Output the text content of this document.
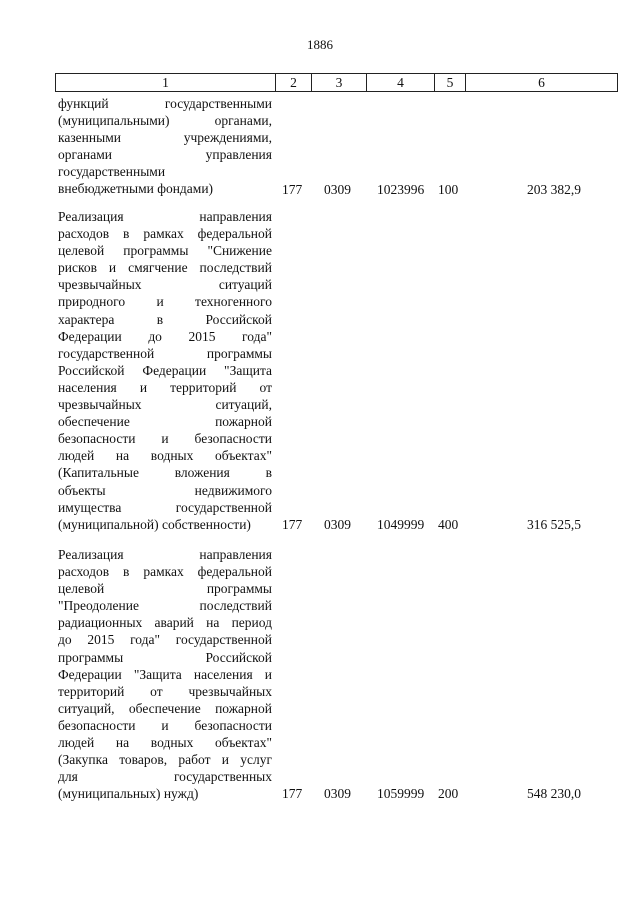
1886
1	2	3	4	5	6
функций государственными
(муниципальными) органами,
казенными учреждениями,
органами управления
государственными
внебюджетными фондами)	177 0309 1023996 100	203 382,9
Реализация направления
расходов в рамках федеральной
целевой программы "Снижение
рисков и смягчение последствий
чрезвычайных ситуаций
природного и техногенного
характера в Российской
Федерации до 2015 года"
государственной программы
Российской Федерации "Защита
населения и территорий от
чрезвычайных ситуаций,
обеспечение пожарной
безопасности и безопасности
людей на водных объектах"
(Капитальные вложения в
объекты недвижимого
имущества государственной
(муниципальной) собственности)	177 0309 1049999 400	316 525,5
Реализация направления
расходов в рамках федеральной
целевой программы
"Преодоление последствий
радиационных аварий на период
до 2015 года" государственной
программы Российской
Федерации "Защита населения и
территорий от чрезвычайных
ситуаций, обеспечение пожарной
безопасности и безопасности
людей на водных объектах"
(Закупка товаров, работ и услуг
для государственных
(муниципальных) нужд)	177 0309 1059999 200	548 230,0
